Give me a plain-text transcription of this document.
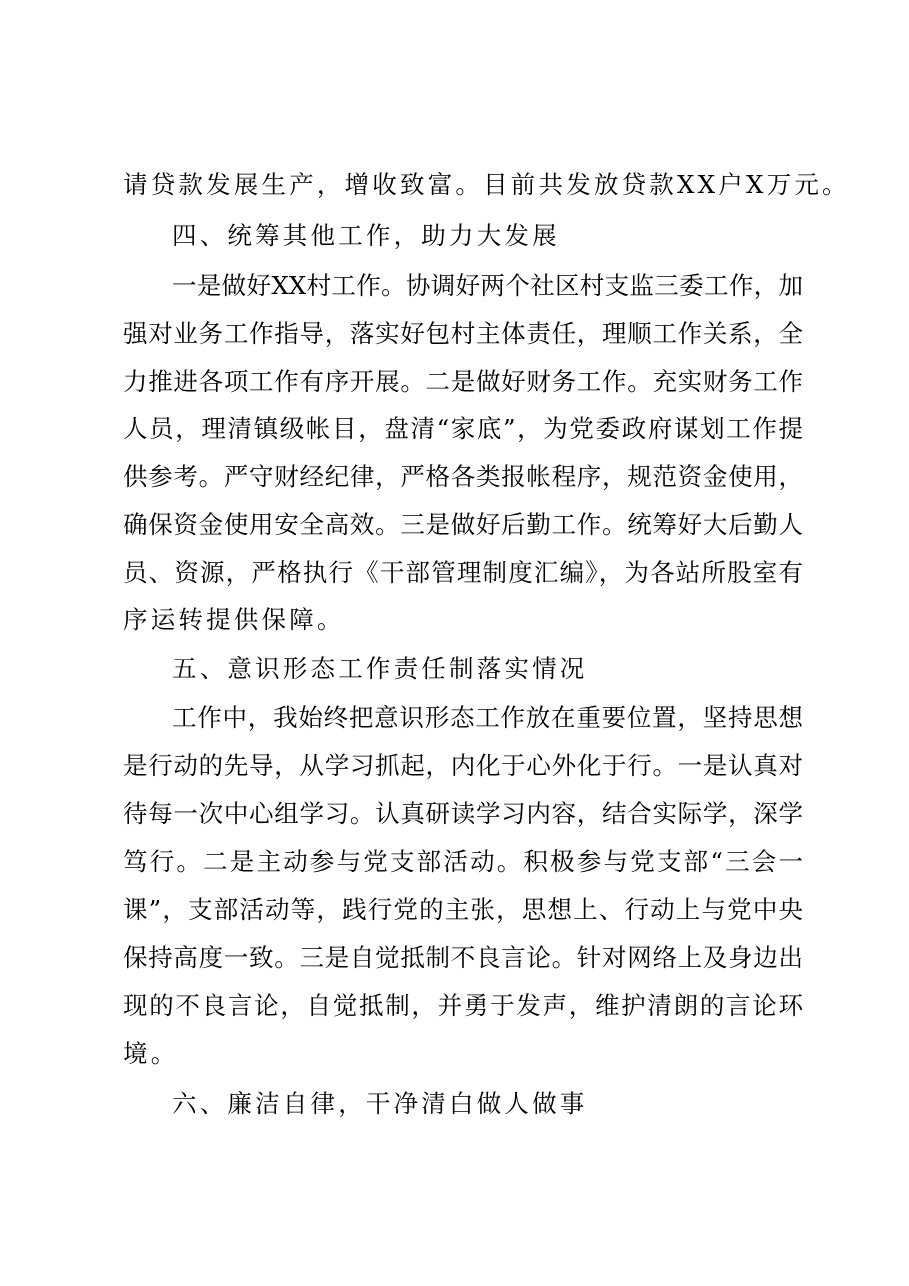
请贷款发展生产，增收致富。目前共发放贷款XX户X万元。
四、统筹其他工作，助力大发展
一是做好XX村工作。协调好两个社区村支监三委工作，加
强对业务工作指导，落实好包村主体责任，理顺工作关系，全
力推进各项工作有序开展。二是做好财务工作。充实财务工作
人员，理清镇级帐目，盘清“家底”，为党委政府谋划工作提
供参考。严守财经纪律，严格各类报帐程序，规范资金使用，
确保资金使用安全高效。三是做好后勤工作。统筹好大后勤人
员、资源，严格执行《干部管理制度汇编》，为各站所股室有
序运转提供保障。
五、意识形态工作责任制落实情况
工作中，我始终把意识形态工作放在重要位置，坚持思想
是行动的先导，从学习抓起，内化于心外化于行。一是认真对
待每一次中心组学习。认真研读学习内容，结合实际学，深学
笃行。二是主动参与党支部活动。积极参与党支部“三会一
课”，支部活动等，践行党的主张，思想上、行动上与党中央
保持高度一致。三是自觉抵制不良言论。针对网络上及身边出
现的不良言论，自觉抵制，并勇于发声，维护清朗的言论环
境。
六、廉洁自律，干净清白做人做事
